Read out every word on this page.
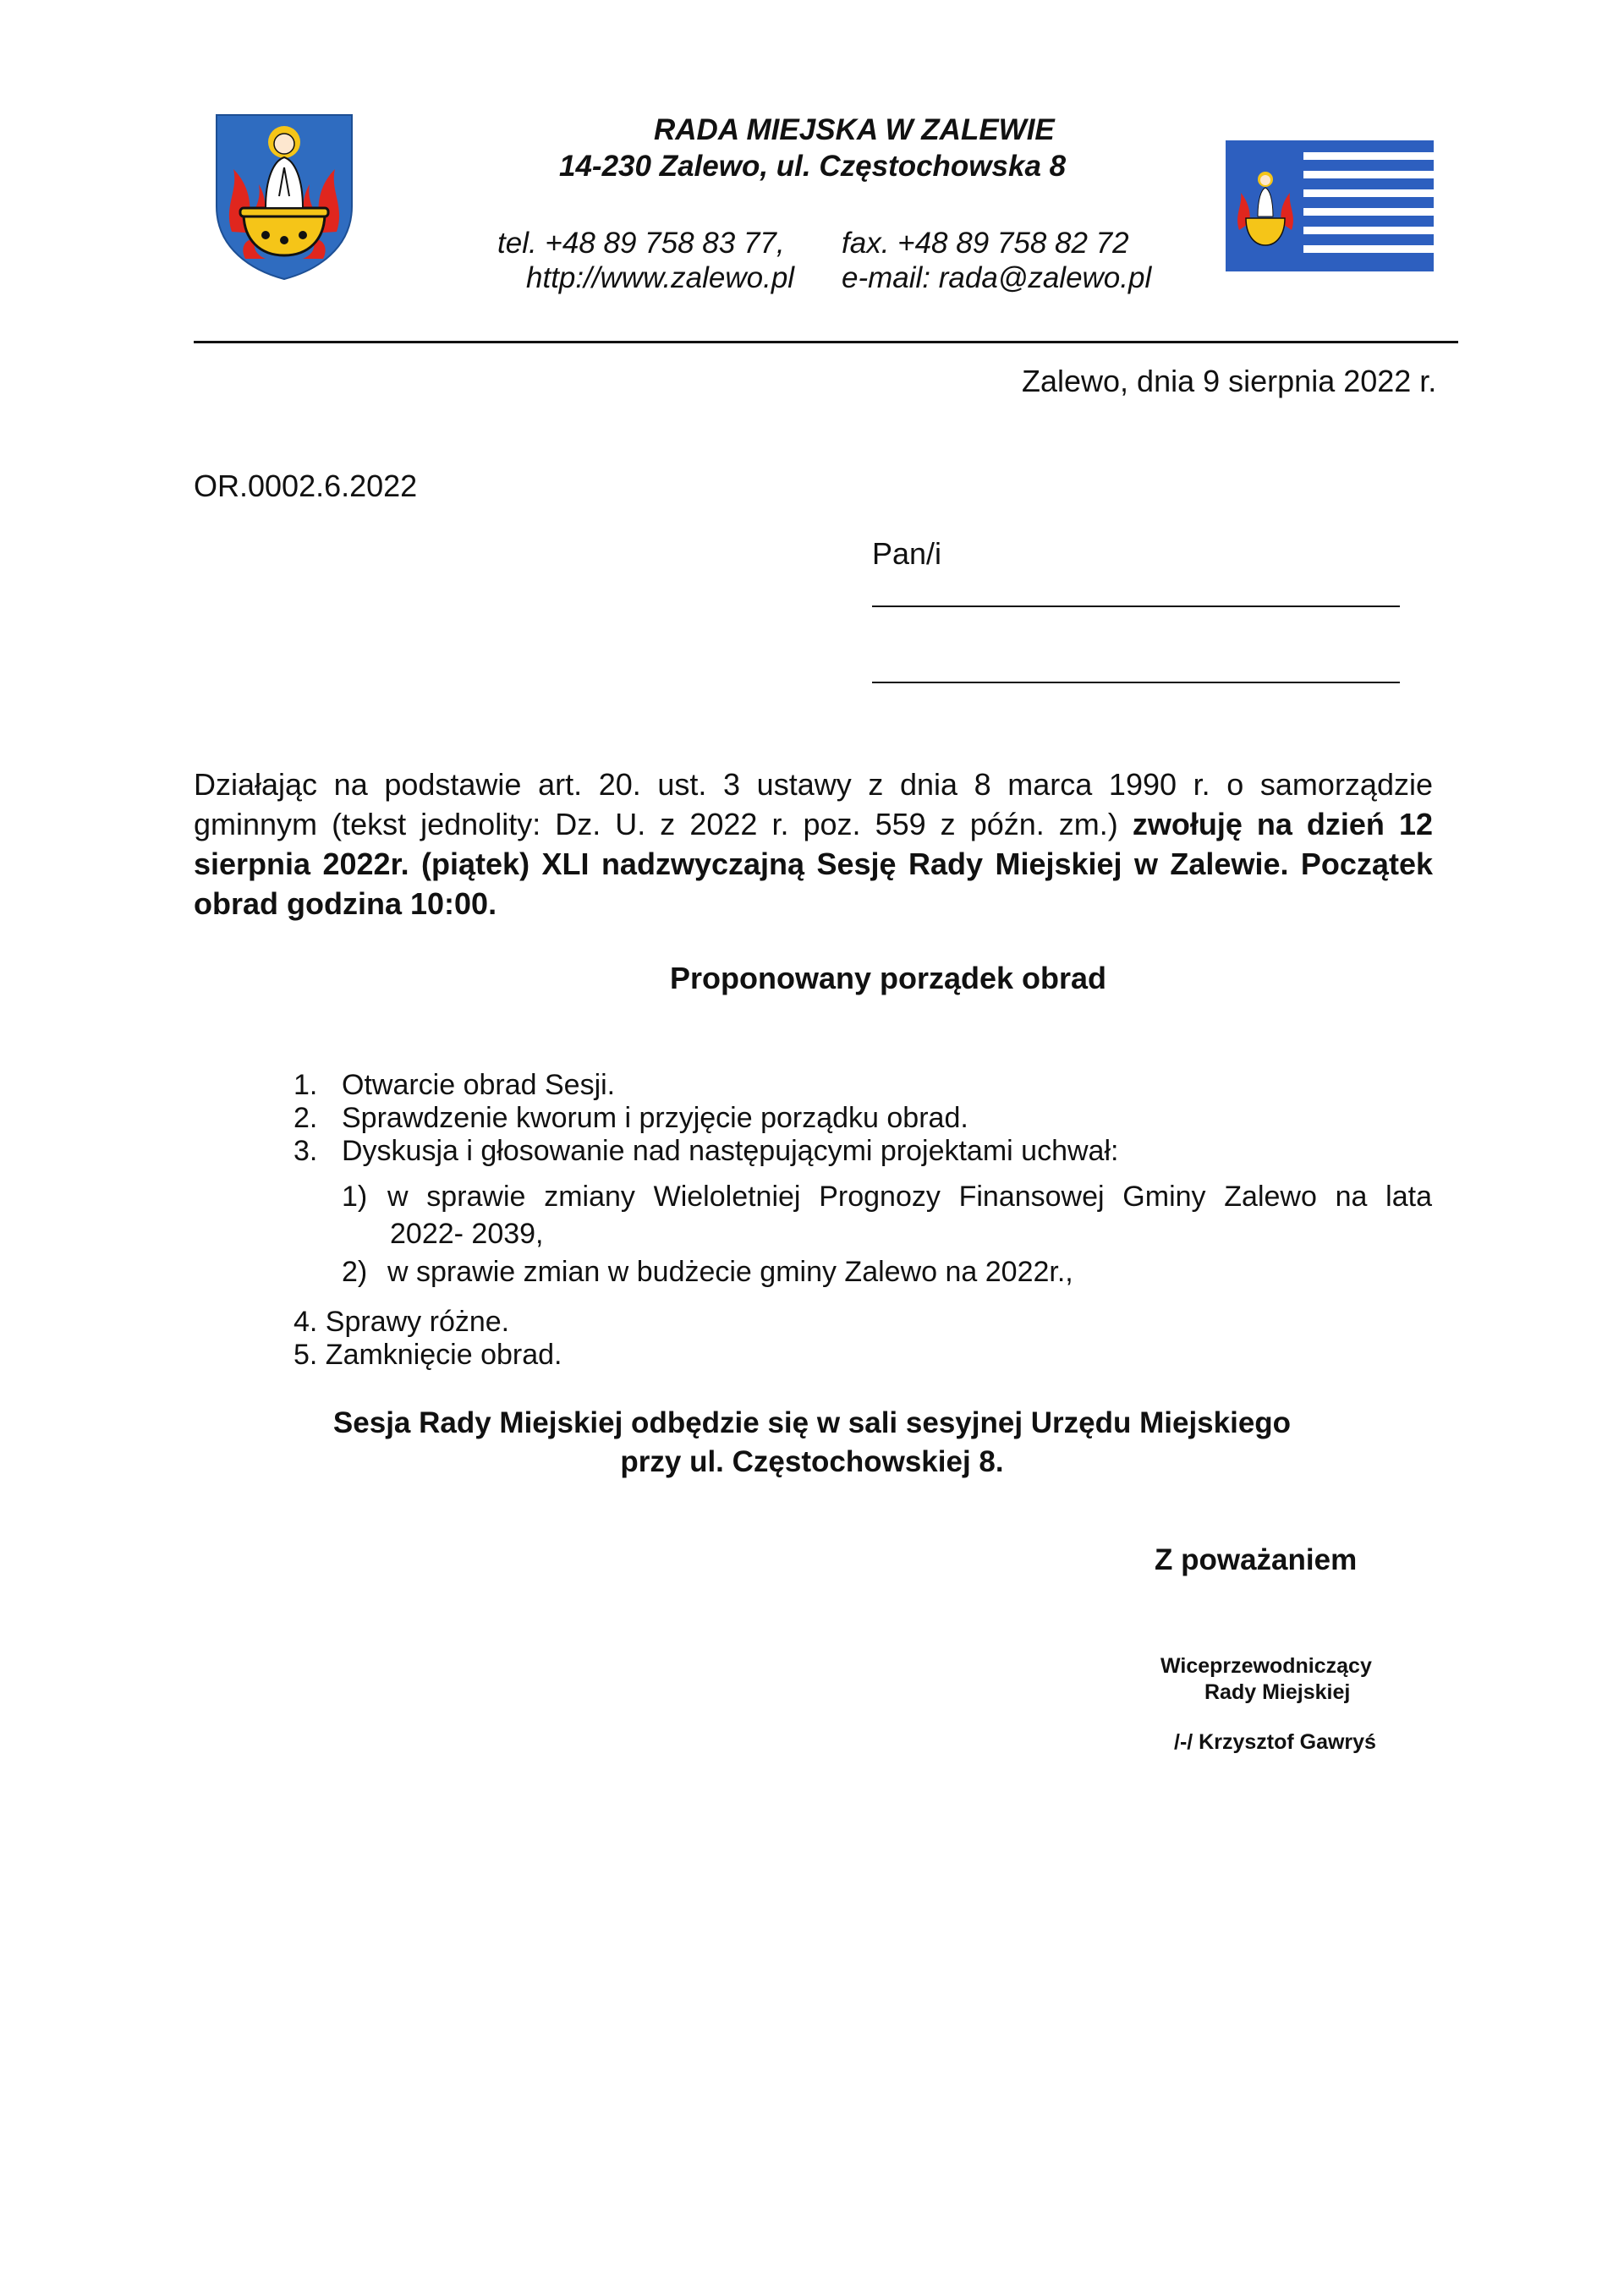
RADA MIEJSKA W ZALEWIE
14-230 Zalewo, ul. Częstochowska 8
tel. +48 89 758 83 77, fax. +48 89 758 82 72
http://www.zalewo.pl e-mail: rada@zalewo.pl
Zalewo, dnia 9 sierpnia 2022 r.
OR.0002.6.2022
Pan/i
Działając na podstawie art. 20. ust. 3 ustawy z dnia 8 marca 1990 r. o samorządzie gminnym (tekst jednolity: Dz. U. z 2022 r. poz. 559 z późn. zm.) zwołuję na dzień 12 sierpnia 2022r. (piątek) XLI nadzwyczajną Sesję Rady Miejskiej w Zalewie. Początek obrad godzina 10:00.
Proponowany porządek obrad
1. Otwarcie obrad Sesji.
2. Sprawdzenie kworum i przyjęcie porządku obrad.
3. Dyskusja i głosowanie nad następującymi projektami uchwał:
1) w sprawie zmiany Wieloletniej Prognozy Finansowej Gminy Zalewo na lata
2022- 2039,
2) w sprawie zmian w budżecie gminy Zalewo na 2022r.,
4. Sprawy różne.
5. Zamknięcie obrad.
Sesja Rady Miejskiej odbędzie się w sali sesyjnej Urzędu Miejskiego
przy ul. Częstochowskiej 8.
Z poważaniem
Wiceprzewodniczący
Rady Miejskiej
/-/ Krzysztof Gawryś
